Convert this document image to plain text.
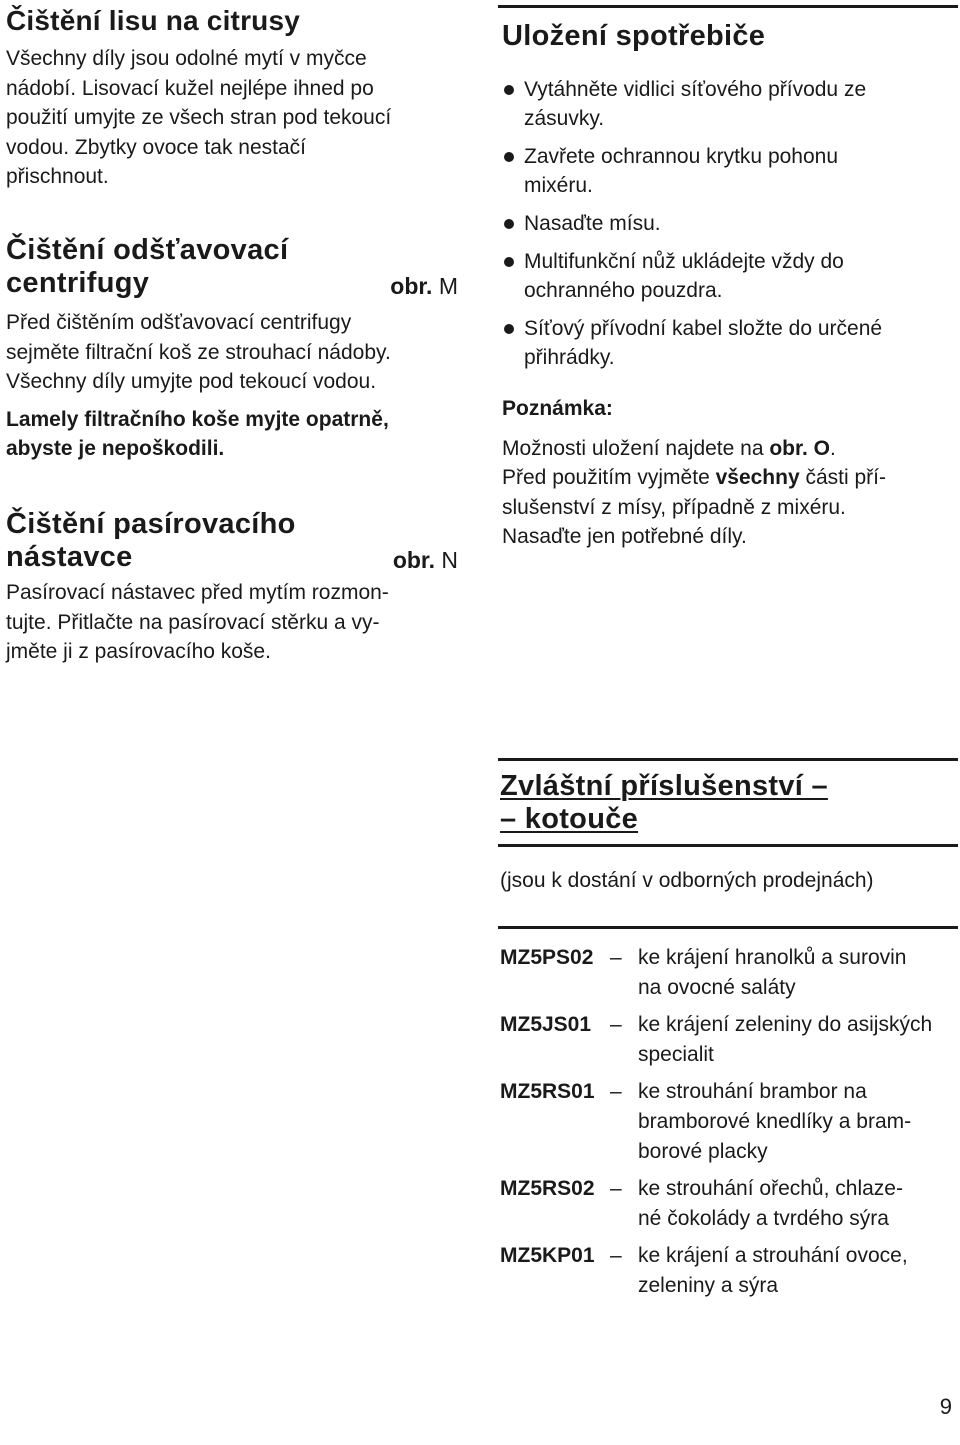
Čištění lisu na citrusy

Všechny díly jsou odolné mytí v myčce

nádobí. Lisovací kužel nejlépe ihned po

použití umyjte ze všech stran pod tekoucí

vodou. Zbytky ovoce tak nestačí

přischnout.

Čištění odšťavovací

centrifugy	obr. M

Před čištěním odšťavovací centrifugy

sejměte filtrační koš ze strouhací nádoby.

Všechny díly umyjte pod tekoucí vodou.

Lamely filtračního koše myjte opatrně,

abyste je nepoškodili.

Čištění pasírovacího

nástavce	obr. N

Pasírovací nástavec před mytím rozmon-

tujte. Přitlačte na pasírovací stěrku a vy-

jměte ji z pasírovacího koše.

Uložení spotřebiče

Vytáhněte vidlici síťového přívodu ze
zásuvky.
Zavřete ochrannou krytku pohonu
mixéru.
Nasaďte mísu.
Multifunkční nůž ukládejte vždy do
ochranného pouzdra.
Síťový přívodní kabel složte do určené
přihrádky.

Poznámka:

Možnosti uložení najdete na obr. O.

Před použitím vyjměte všechny části pří-

slušenství z mísy, případně z mixéru.

Nasaďte jen potřebné díly.

Zvláštní příslušenství –

– kotouče

(jsou k dostání v odborných prodejnách)

MZ5PS02 – ke krájení hranolků a surovin
na ovocné saláty
MZ5JS01 – ke krájení zeleniny do asijských
specialit
MZ5RS01 – ke strouhání brambor na
bramborové knedlíky a bram-
borové placky
MZ5RS02 – ke strouhání ořechů, chlaze-
né čokolády a tvrdého sýra
MZ5KP01 – ke krájení a strouhání ovoce,
zeleniny a sýra
9
